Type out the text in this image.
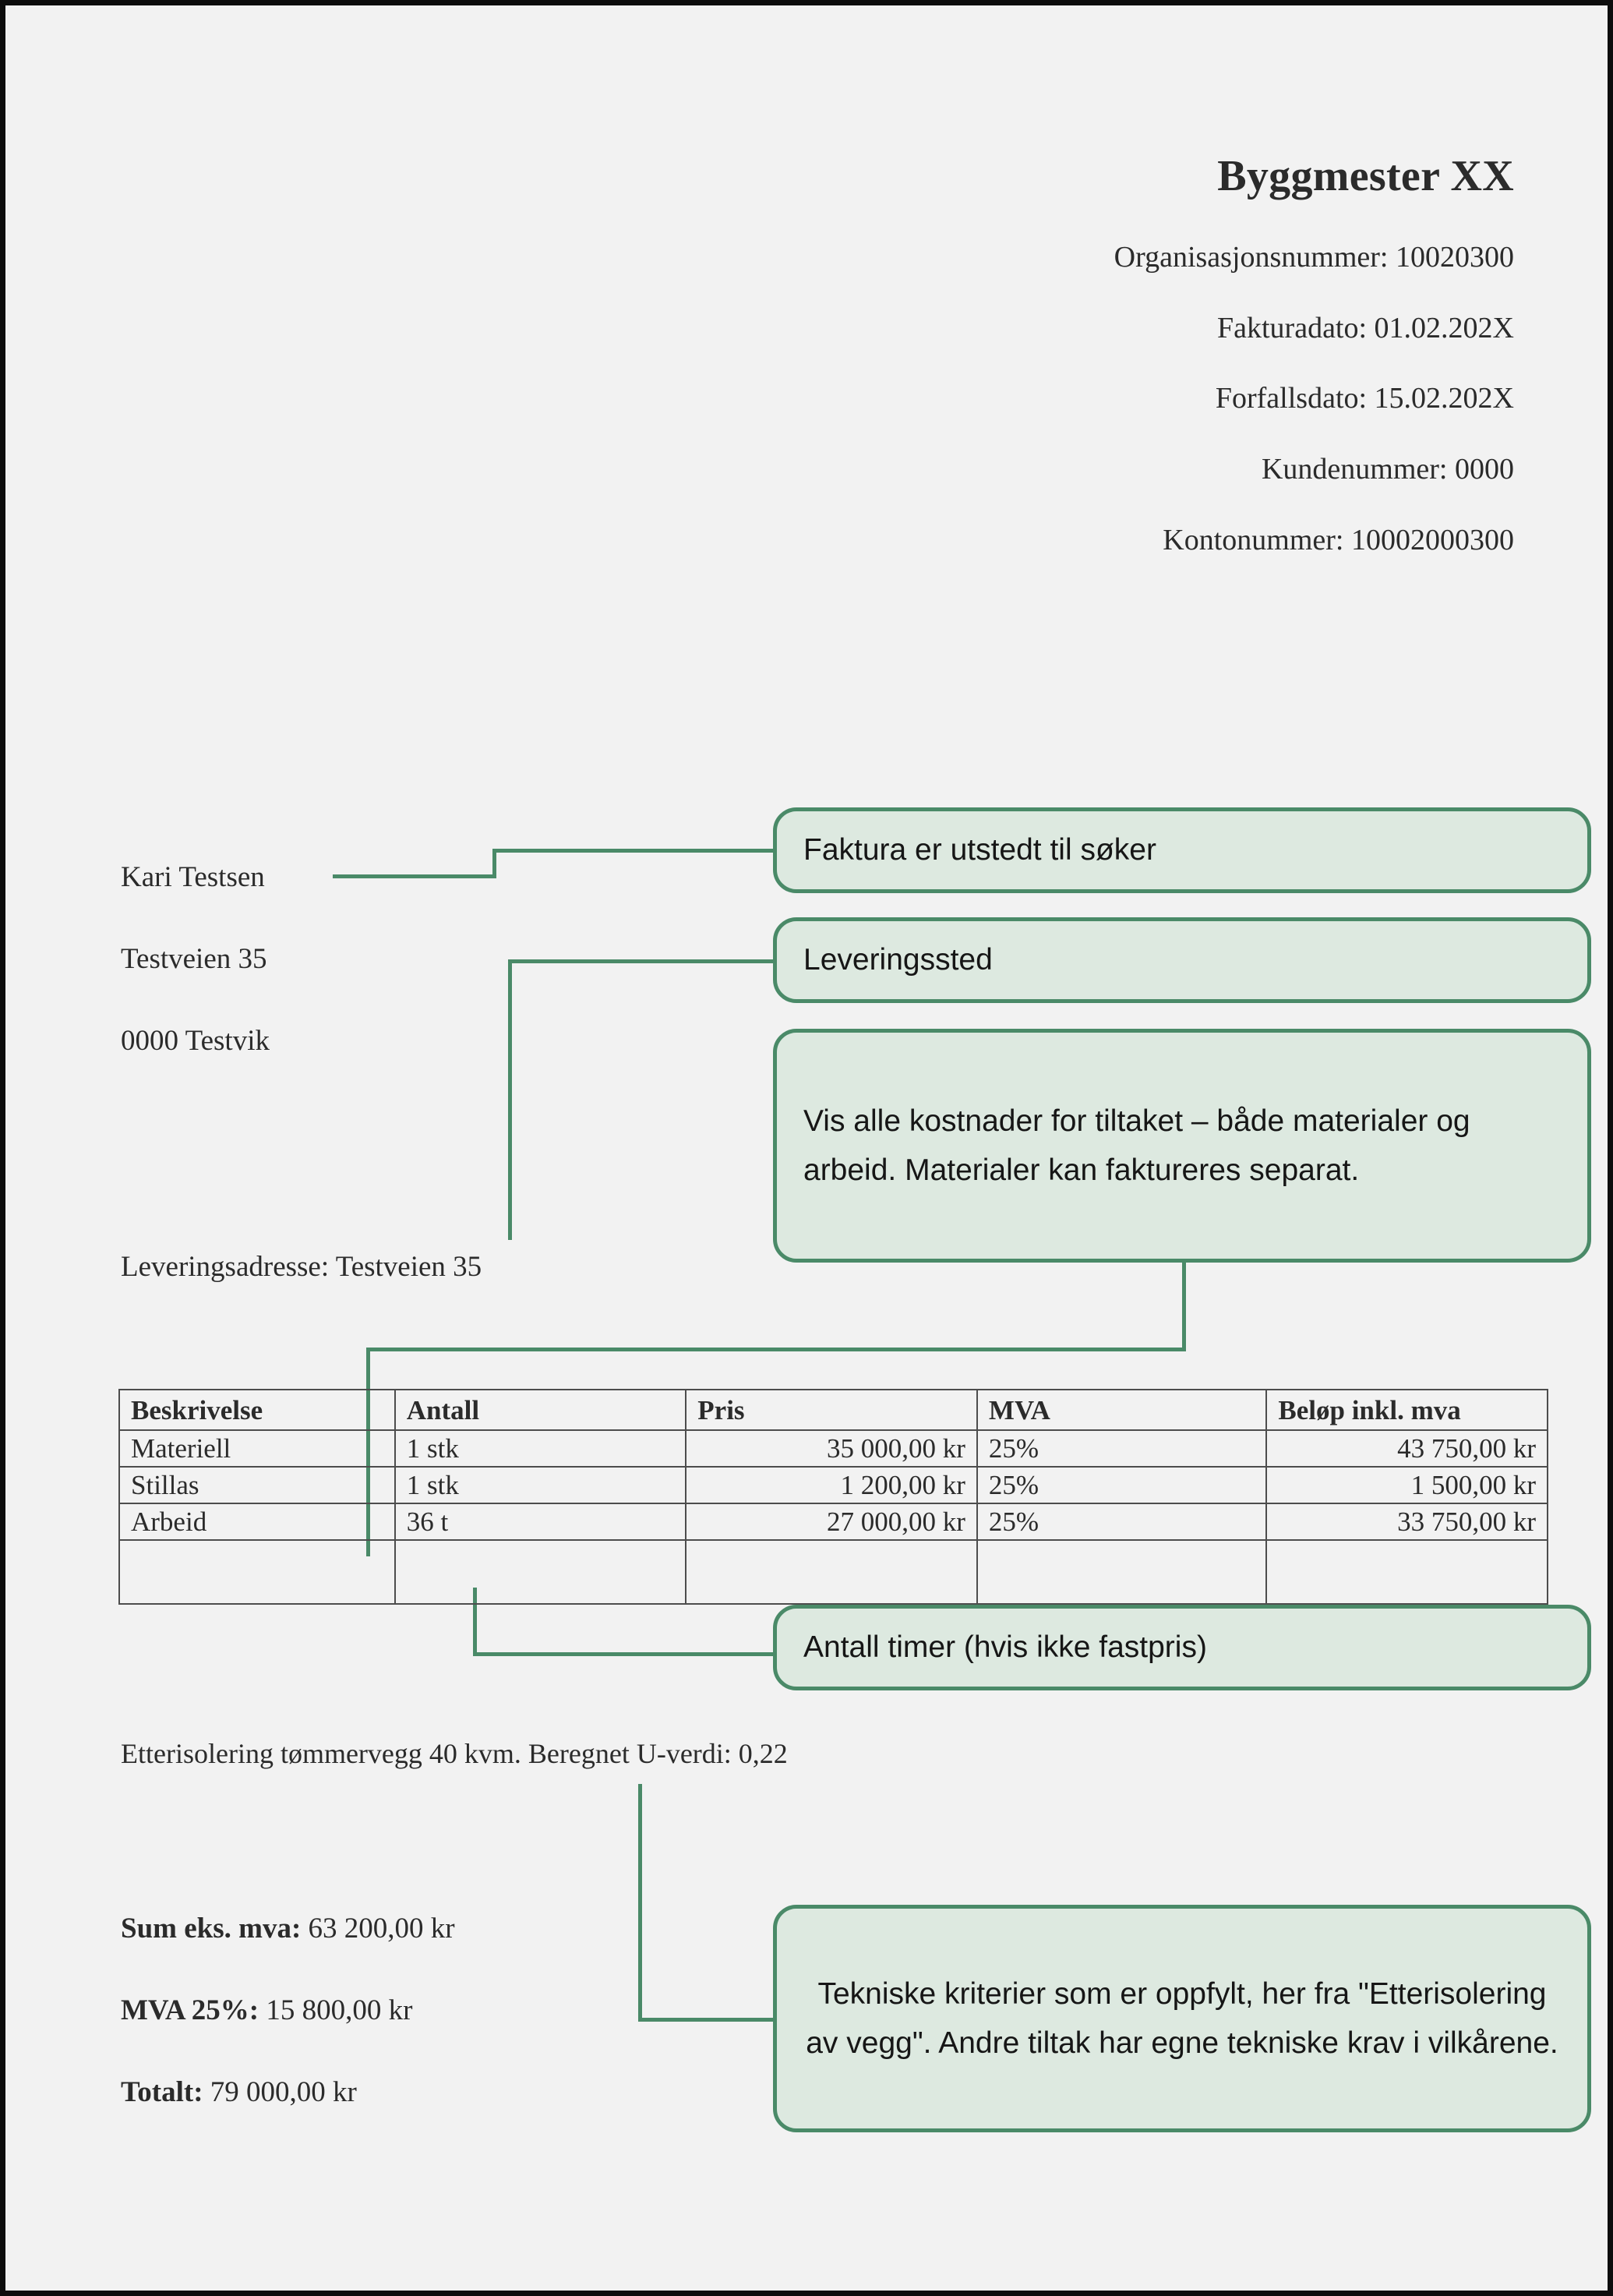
Byggmester XX
Organisasjonsnummer: 10020300
Fakturadato: 01.02.202X
Forfallsdato: 15.02.202X
Kundenummer: 0000
Kontonummer: 10002000300
Kari Testsen
Testveien 35
0000 Testvik
Leveringsadresse: Testveien 35
Faktura er utstedt til søker
Leveringssted
Vis alle kostnader for tiltaket – både materialer og arbeid. Materialer kan faktureres separat.
Antall timer (hvis ikke fastpris)
Tekniske kriterier som er oppfylt, her fra "Etterisolering av vegg". Andre tiltak har egne tekniske krav i vilkårene.
Beskrivelse	Antall	Pris	MVA	Beløp inkl. mva
Materiell	1 stk	35 000,00 kr	25%	43 750,00 kr
Stillas	1 stk	1 200,00 kr	25%	1 500,00 kr
Arbeid	36 t	27 000,00 kr	25%	33 750,00 kr

Etterisolering tømmervegg 40 kvm. Beregnet U-verdi: 0,22
Sum eks. mva: 63 200,00 kr
MVA 25%: 15 800,00 kr
Totalt: 79 000,00 kr
